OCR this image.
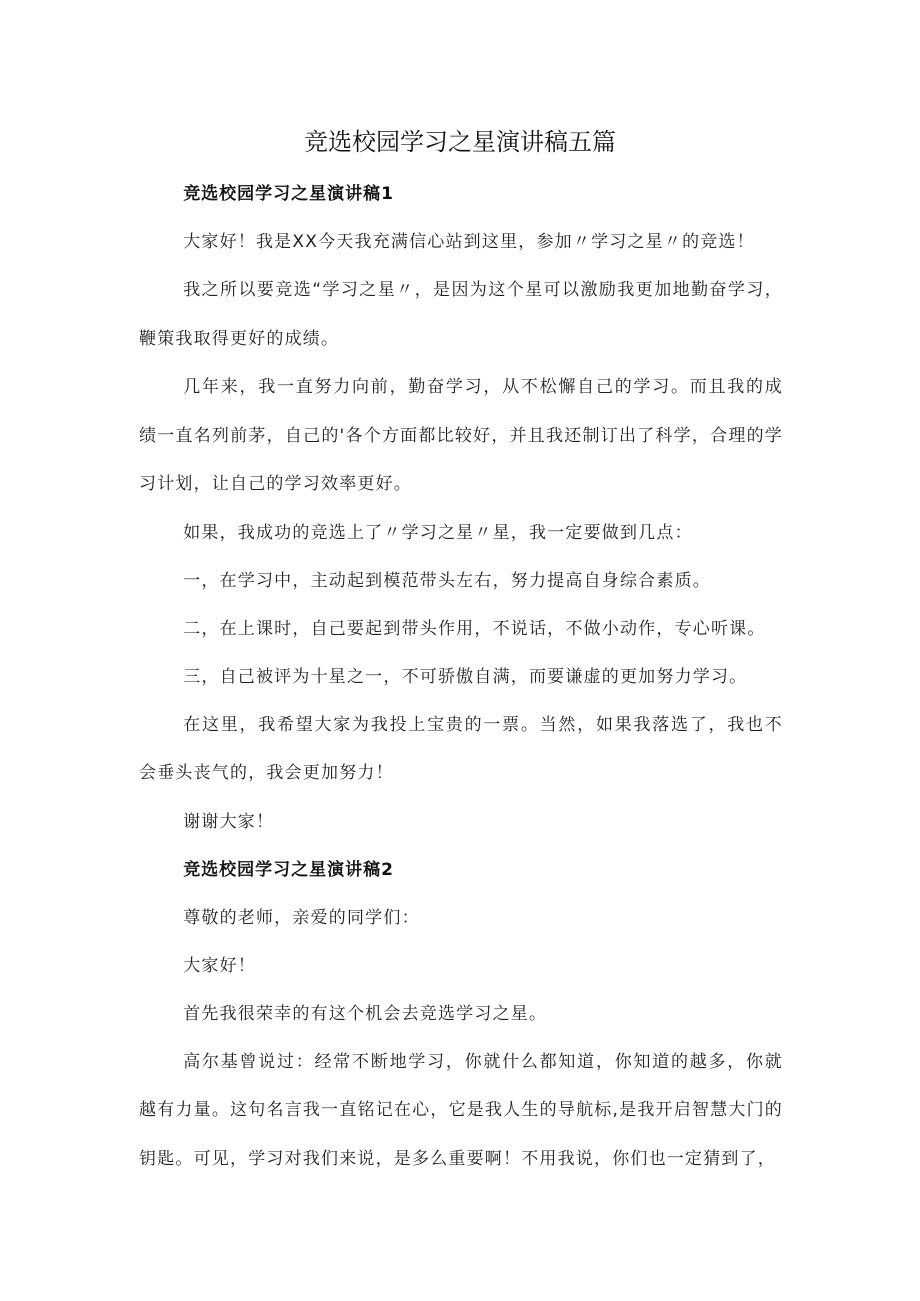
竞选校园学习之星演讲稿五篇

竞选校园学习之星演讲稿1

大家好！我是XX今天我充满信心站到这里，参加〃学习之星〃的竞选！

我之所以要竞选“学习之星〃，是因为这个星可以激励我更加地勤奋学习，鞭策我取得更好的成绩。

几年来，我一直努力向前，勤奋学习，从不松懈自己的学习。而且我的成绩一直名列前茅，自己的'各个方面都比较好，并且我还制订出了科学，合理的学习计划，让自己的学习效率更好。

如果，我成功的竞选上了〃学习之星〃星，我一定要做到几点：

一，在学习中，主动起到模范带头左右，努力提高自身综合素质。

二，在上课时，自己要起到带头作用，不说话，不做小动作，专心听课。

三，自己被评为十星之一，不可骄傲自满，而要谦虚的更加努力学习。

在这里，我希望大家为我投上宝贵的一票。当然，如果我落选了，我也不会垂头丧气的，我会更加努力！

谢谢大家！

竞选校园学习之星演讲稿2

尊敬的老师，亲爱的同学们：

大家好！

首先我很荣幸的有这个机会去竞选学习之星。

高尔基曾说过：经常不断地学习，你就什么都知道，你知道的越多，你就越有力量。这句名言我一直铭记在心，它是我人生的导航标,是我开启智慧大门的钥匙。可见，学习对我们来说，是多么重要啊！不用我说，你们也一定猜到了，
